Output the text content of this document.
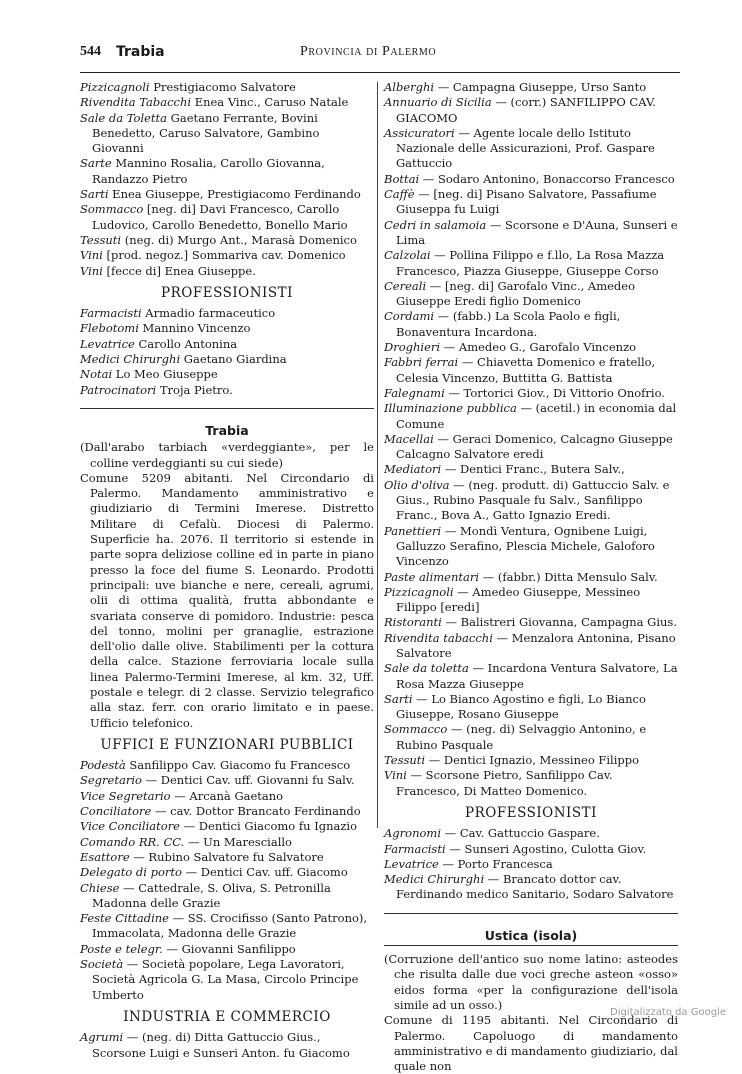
544 Trabia	Provincia di Palermo

Pizzicagnoli Prestigiacomo Salvatore

Rivendita Tabacchi Enea Vinc., Caruso Natale

Sale da Toletta Gaetano Ferrante, Bovini Benedetto, Caruso Salvatore, Gambino Giovanni

Sarte Mannino Rosalia, Carollo Giovanna, Randazzo Pietro

Sarti Enea Giuseppe, Prestigiacomo Ferdinando

Sommacco [neg. di] Davi Francesco, Carollo Ludovico, Carollo Benedetto, Bonello Mario

Tessuti (neg. di) Murgo Ant., Marasà Domenico

Vini [prod. negoz.] Sommariva cav. Domenico

Vini [fecce di] Enea Giuseppe.

PROFESSIONISTI

Farmacisti Armadio farmaceutico

Flebotomi Mannino Vincenzo

Levatrice Carollo Antonina

Medici Chirurghi Gaetano Giardina

Notai Lo Meo Giuseppe

Patrocinatori Troja Pietro.

Trabia

(Dall'arabo tarbiach «verdeggiante», per le colline verdeggianti su cui siede)

Comune 5209 abitanti. Nel Circondario di Palermo. Mandamento amministrativo e giudiziario di Termini Imerese. Distretto Militare di Cefalù. Diocesi di Palermo. Superficie ha. 2076. Il territorio si estende in parte sopra deliziose colline ed in parte in piano presso la foce del fiume S. Leonardo. Prodotti principali: uve bianche e nere, cereali, agrumi, olii di ottima qualità, frutta abbondante e svariata conserve di pomidoro. Industrie: pesca del tonno, molini per granaglie, estrazione dell'olio dalle olive. Stabilimenti per la cottura della calce. Stazione ferroviaria locale sulla linea Palermo-Termini Imerese, al km. 32, Uff. postale e telegr. di 2 classe. Servizio telegrafico alla staz. ferr. con orario limitato e in paese. Ufficio telefonico.

UFFICI E FUNZIONARI PUBBLICI

Podestà Sanfilippo Cav. Giacomo fu Francesco

Segretario — Dentici Cav. uff. Giovanni fu Salv.

Vice Segretario — Arcanà Gaetano

Conciliatore — cav. Dottor Brancato Ferdinando

Vice Conciliatore — Dentici Giacomo fu Ignazio

Comando RR. CC. — Un Maresciallo

Esattore — Rubino Salvatore fu Salvatore

Delegato di porto — Dentici Cav. uff. Giacomo

Chiese — Cattedrale, S. Oliva, S. Petronilla Madonna delle Grazie

Feste Cittadine — SS. Crocifisso (Santo Patrono), Immacolata, Madonna delle Grazie

Poste e telegr. — Giovanni Sanfilippo

Società — Società popolare, Lega Lavoratori, Società Agricola G. La Masa, Circolo Principe Umberto

INDUSTRIA E COMMERCIO

Agrumi — (neg. di) Ditta Gattuccio Gius., Scorsone Luigi e Sunseri Anton. fu Giacomo

Alberghi — Campagna Giuseppe, Urso Santo

Annuario di Sicilia — (corr.) SANFILIPPO CAV. GIACOMO

Assicuratori — Agente locale dello Istituto Nazionale delle Assicurazioni, Prof. Gaspare Gattuccio

Bottai — Sodaro Antonino, Bonaccorso Francesco

Caffè — [neg. di] Pisano Salvatore, Passafiume Giuseppa fu Luigi

Cedri in salamoia — Scorsone e D'Auna, Sunseri e Lima

Calzolai — Pollina Filippo e f.llo, La Rosa Mazza Francesco, Piazza Giuseppe, Giuseppe Corso

Cereali — [neg. di] Garofalo Vinc., Amedeo Giuseppe Eredi figlio Domenico

Cordami — (fabb.) La Scola Paolo e figli, Bonaventura Incardona.

Droghieri — Amedeo G., Garofalo Vincenzo

Fabbri ferrai — Chiavetta Domenico e fratello, Celesia Vincenzo, Buttitta G. Battista

Falegnami — Tortorici Giov., Di Vittorio Onofrio.

Illuminazione pubblica — (acetil.) in economia dal Comune

Macellai — Geraci Domenico, Calcagno Giuseppe Calcagno Salvatore eredi

Mediatori — Dentici Franc., Butera Salv.,

Olio d'oliva — (neg. produtt. di) Gattuccio Salv. e Gius., Rubino Pasquale fu Salv., Sanfilippo Franc., Bova A., Gatto Ignazio Eredi.

Panettieri — Mondì Ventura, Ognibene Luigi, Galluzzo Serafino, Plescia Michele, Galoforo Vincenzo

Paste alimentari — (fabbr.) Ditta Mensulo Salv.

Pizzicagnoli — Amedeo Giuseppe, Messineo Filippo [eredi]

Ristoranti — Balistreri Giovanna, Campagna Gius.

Rivendita tabacchi — Menzalora Antonina, Pisano Salvatore

Sale da toletta — Incardona Ventura Salvatore, La Rosa Mazza Giuseppe

Sarti — Lo Bianco Agostino e figli, Lo Bianco Giuseppe, Rosano Giuseppe

Sommacco — (neg. di) Selvaggio Antonino, e Rubino Pasquale

Tessuti — Dentici Ignazio, Messineo Filippo

Vini — Scorsone Pietro, Sanfilippo Cav. Francesco, Di Matteo Domenico.

PROFESSIONISTI

Agronomi — Cav. Gattuccio Gaspare.

Farmacisti — Sunseri Agostino, Culotta Giov.

Levatrice — Porto Francesca

Medici Chirurghi — Brancato dottor cav. Ferdinando medico Sanitario, Sodaro Salvatore

Ustica (isola)

(Corruzione dell'antico suo nome latino: asteodes che risulta dalle due voci greche asteon «osso» eidos forma «per la configurazione dell'isola simile ad un osso.)

Comune di 1195 abitanti. Nel Circondario di Palermo. Capoluogo di mandamento amministrativo e di mandamento giudiziario, dal quale non

Digitalizzato da Google
